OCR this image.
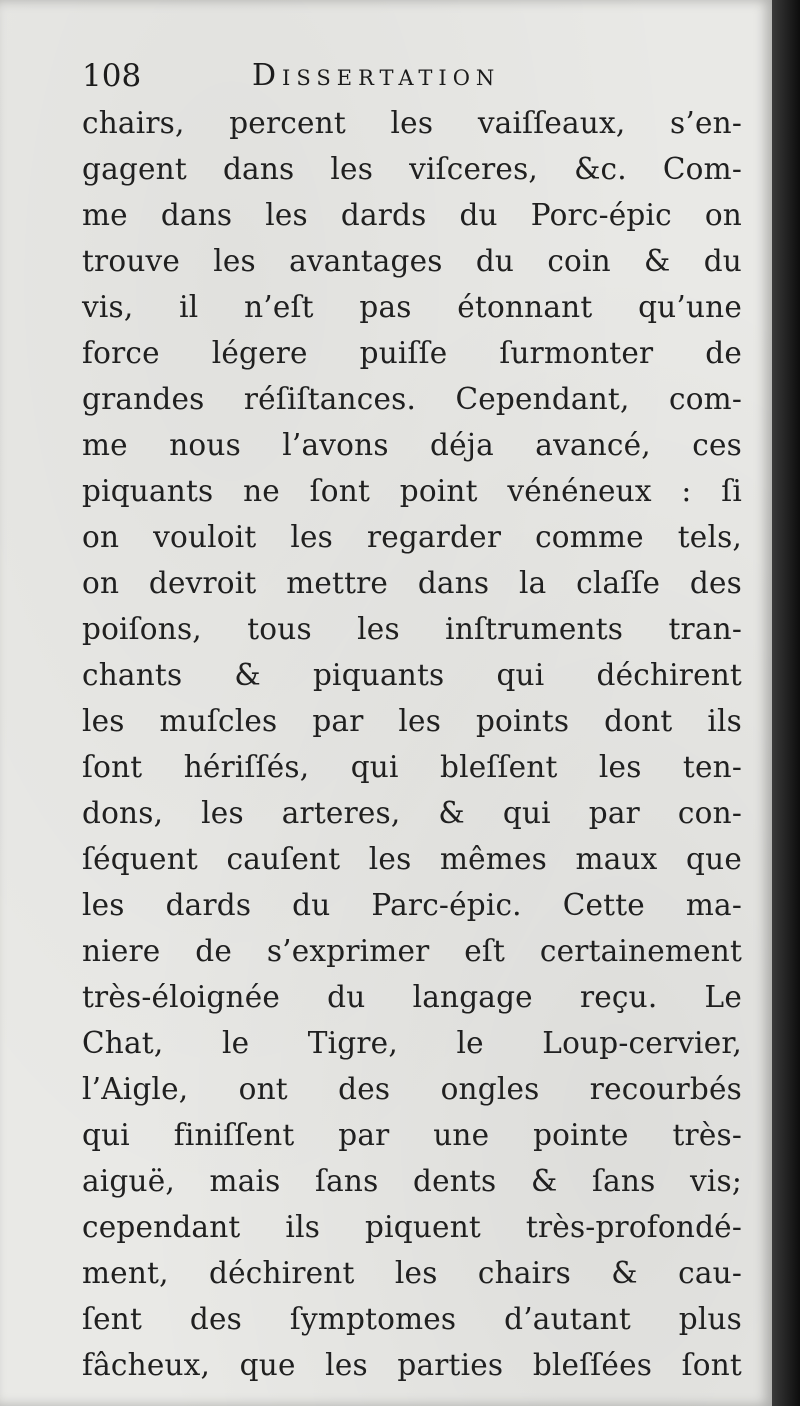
108	Dissertation
chairs, percent les vaiſſeaux, s’en-
gagent dans les viſceres, &c. Com-
me dans les dards du Porc-épic on
trouve les avantages du coin & du
vis, il n’eſt pas étonnant qu’une
force légere puiſſe ſurmonter de
grandes réſiſtances. Cependant, com-
me nous l’avons déja avancé, ces
piquants ne ſont point vénéneux : ſi
on vouloit les regarder comme tels,
on devroit mettre dans la claſſe des
poiſons, tous les inſtruments tran-
chants & piquants qui déchirent
les muſcles par les points dont ils
ſont hériſſés, qui bleſſent les ten-
dons, les arteres, & qui par con-
ſéquent cauſent les mêmes maux que
les dards du Parc-épic. Cette ma-
niere de s’exprimer eſt certainement
très-éloignée du langage reçu. Le
Chat, le Tigre, le Loup-cervier,
l’Aigle, ont des ongles recourbés
qui finiſſent par une pointe très-
aiguë, mais ſans dents & ſans vis;
cependant ils piquent très-profondé-
ment, déchirent les chairs & cau-
ſent des ſymptomes d’autant plus
fâcheux, que les parties bleſſées ſont
